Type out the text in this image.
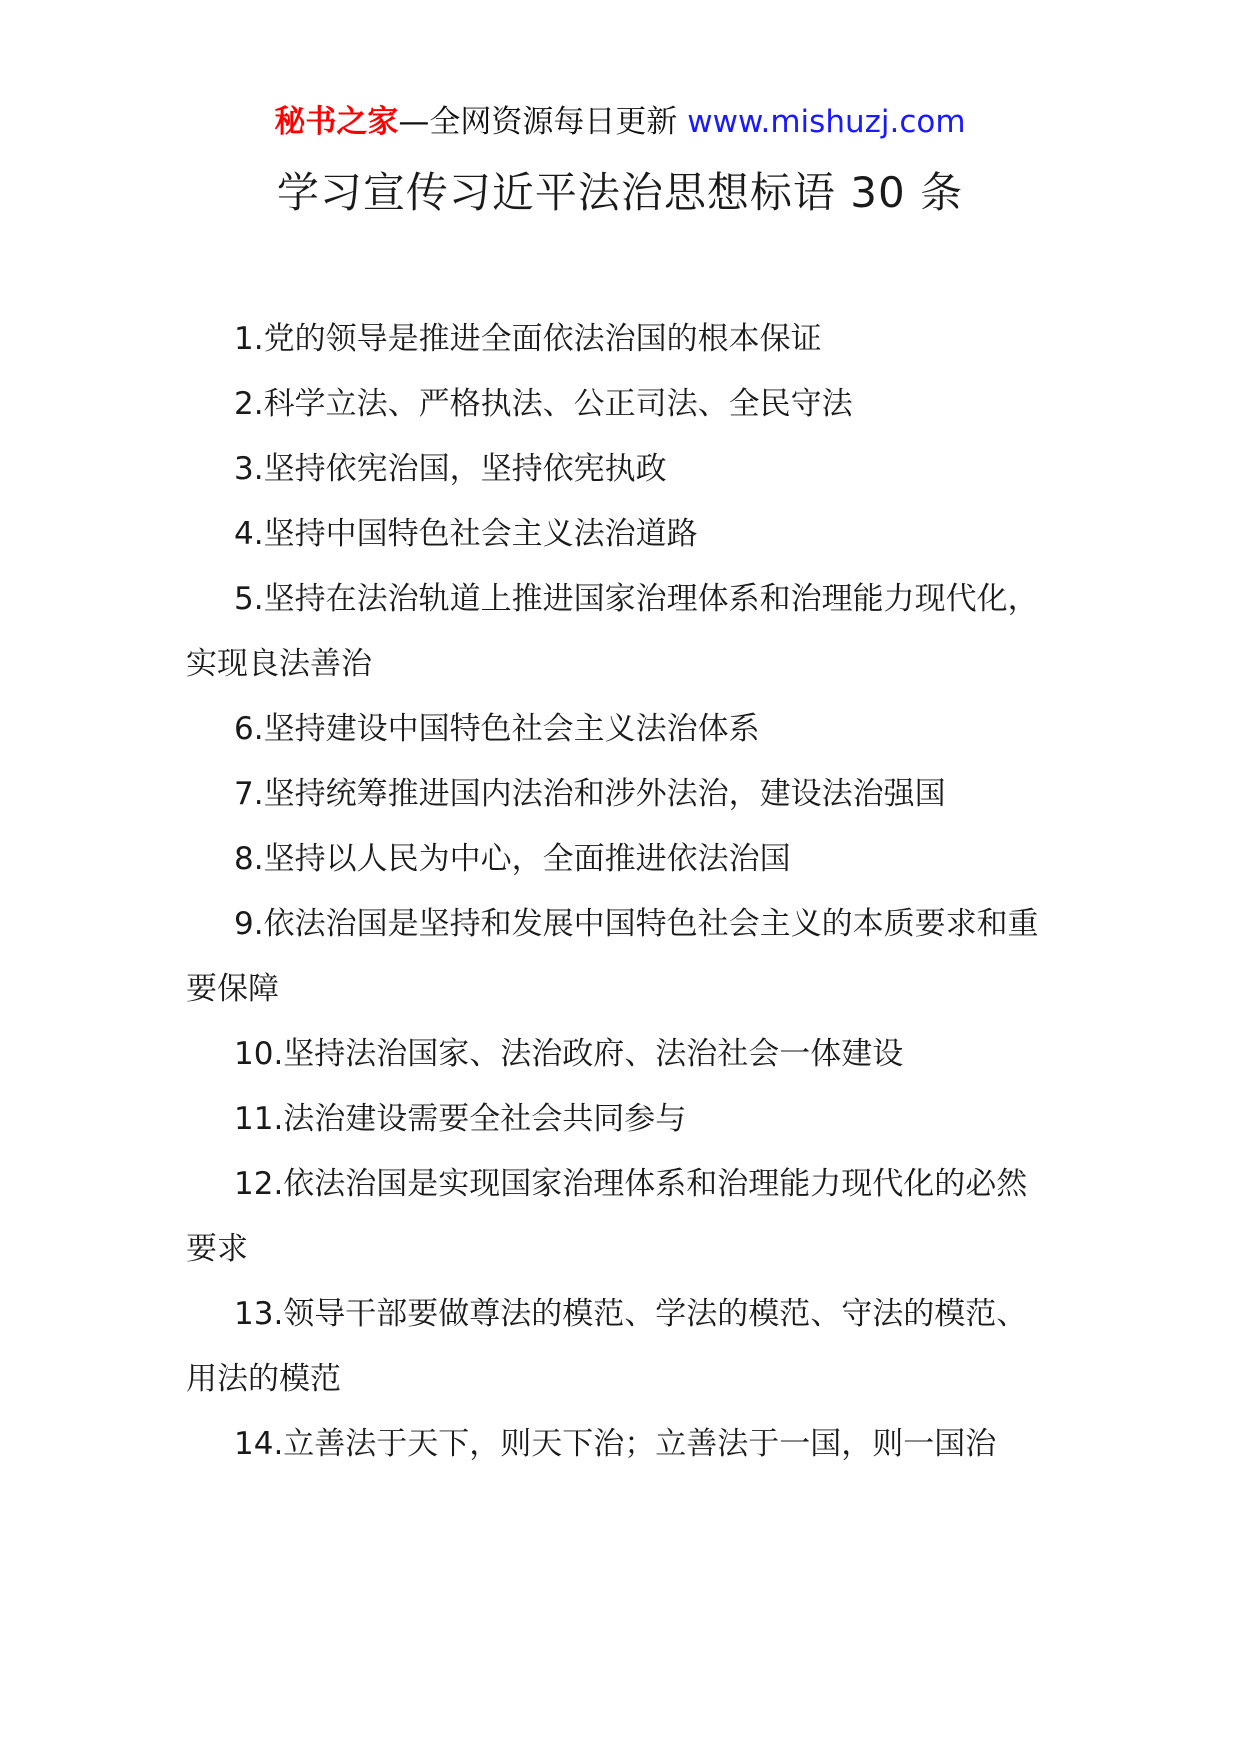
秘书之家—全网资源每日更新 www.mishuzj.com
学习宣传习近平法治思想标语 30 条
1.党的领导是推进全面依法治国的根本保证
2.科学立法、严格执法、公正司法、全民守法
3.坚持依宪治国，坚持依宪执政
4.坚持中国特色社会主义法治道路
5.坚持在法治轨道上推进国家治理体系和治理能力现代化，实现良法善治
6.坚持建设中国特色社会主义法治体系
7.坚持统筹推进国内法治和涉外法治，建设法治强国
8.坚持以人民为中心，全面推进依法治国
9.依法治国是坚持和发展中国特色社会主义的本质要求和重要保障
10.坚持法治国家、法治政府、法治社会一体建设
11.法治建设需要全社会共同参与
12.依法治国是实现国家治理体系和治理能力现代化的必然要求
13.领导干部要做尊法的模范、学法的模范、守法的模范、用法的模范
14.立善法于天下，则天下治；立善法于一国，则一国治
